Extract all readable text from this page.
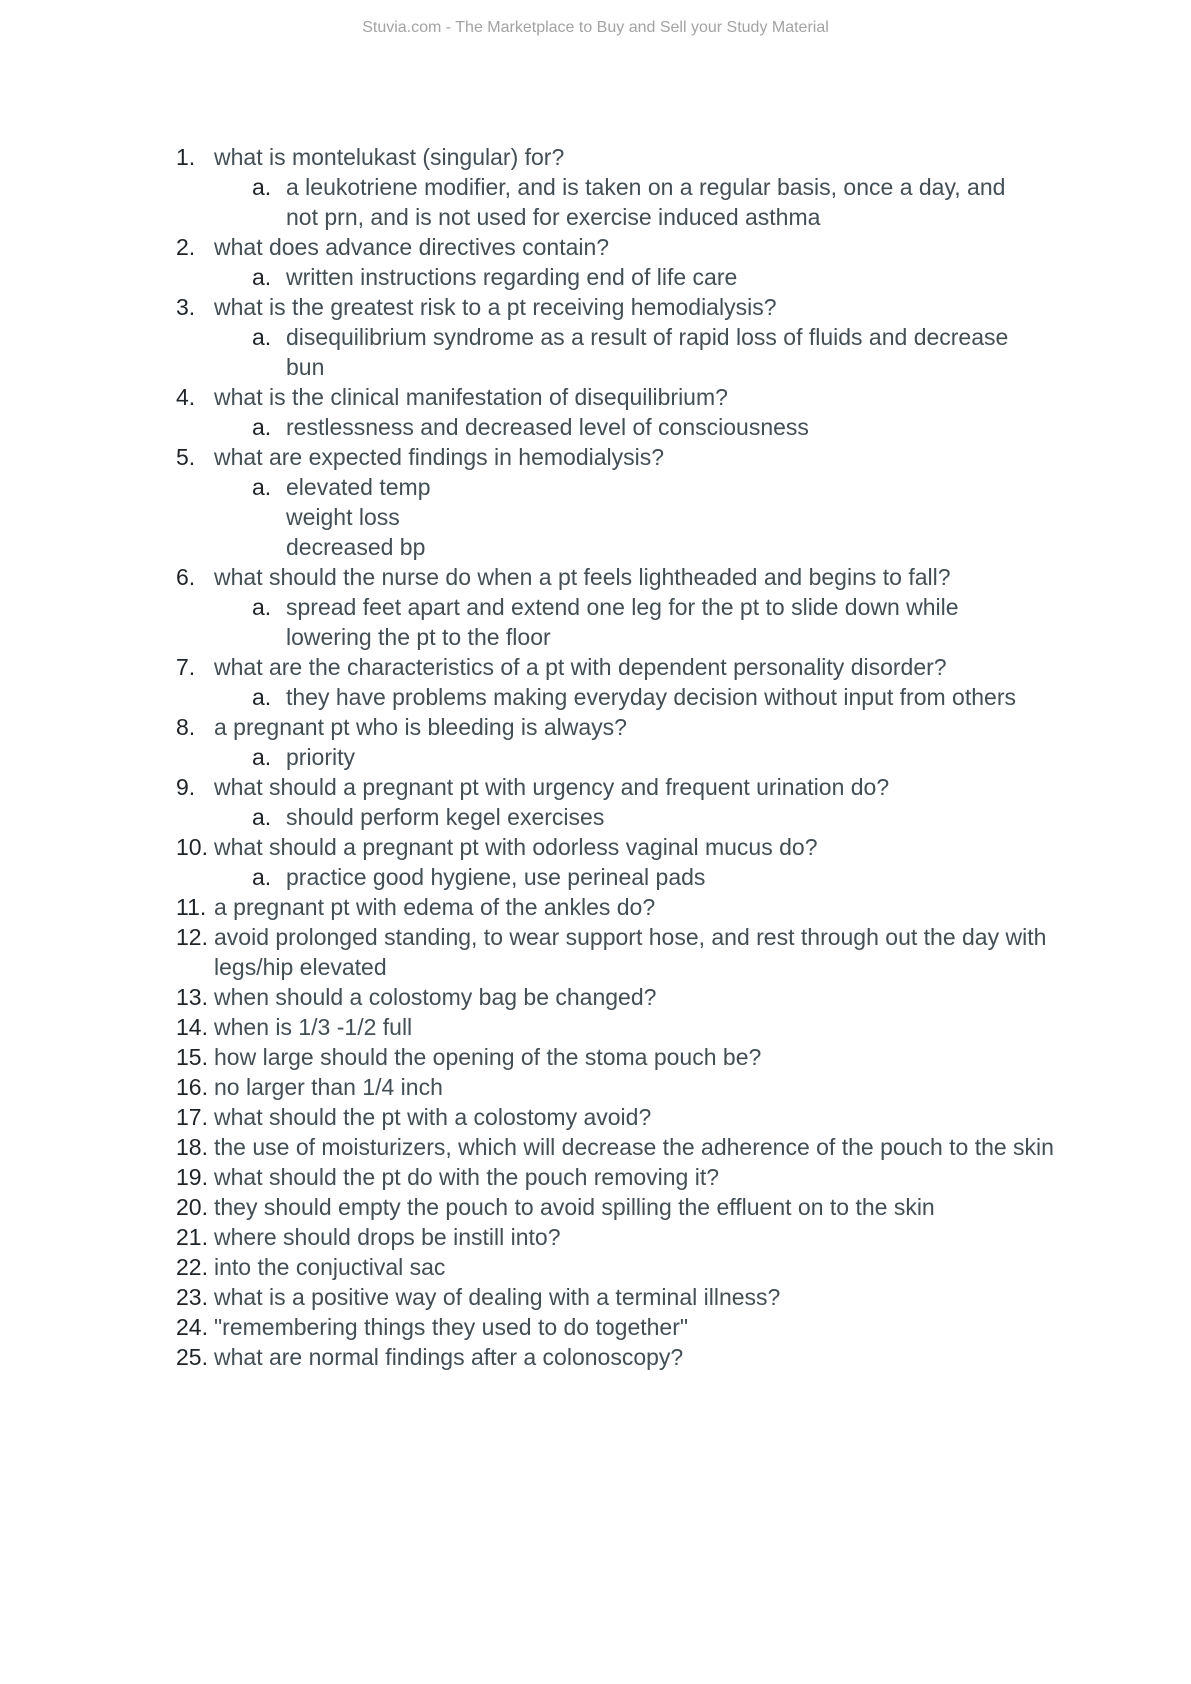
Stuvia.com - The Marketplace to Buy and Sell your Study Material
1. what is montelukast (singular) for?
a. a leukotriene modifier, and is taken on a regular basis, once a day, and
not prn, and is not used for exercise induced asthma
2. what does advance directives contain?
a. written instructions regarding end of life care
3. what is the greatest risk to a pt receiving hemodialysis?
a. disequilibrium syndrome as a result of rapid loss of fluids and decrease
bun
4. what is the clinical manifestation of disequilibrium?
a. restlessness and decreased level of consciousness
5. what are expected findings in hemodialysis?
a. elevated temp
weight loss
decreased bp
6. what should the nurse do when a pt feels lightheaded and begins to fall?
a. spread feet apart and extend one leg for the pt to slide down while
lowering the pt to the floor
7. what are the characteristics of a pt with dependent personality disorder?
a. they have problems making everyday decision without input from others
8. a pregnant pt who is bleeding is always?
a. priority
9. what should a pregnant pt with urgency and frequent urination do?
a. should perform kegel exercises
10. what should a pregnant pt with odorless vaginal mucus do?
a. practice good hygiene, use perineal pads
11. a pregnant pt with edema of the ankles do?
12. avoid prolonged standing, to wear support hose, and rest through out the day with legs/hip elevated
13. when should a colostomy bag be changed?
14. when is 1/3 -1/2 full
15. how large should the opening of the stoma pouch be?
16. no larger than 1/4 inch
17. what should the pt with a colostomy avoid?
18. the use of moisturizers, which will decrease the adherence of the pouch to the skin
19. what should the pt do with the pouch removing it?
20. they should empty the pouch to avoid spilling the effluent on to the skin
21. where should drops be instill into?
22. into the conjuctival sac
23. what is a positive way of dealing with a terminal illness?
24. "remembering things they used to do together"
25. what are normal findings after a colonoscopy?
